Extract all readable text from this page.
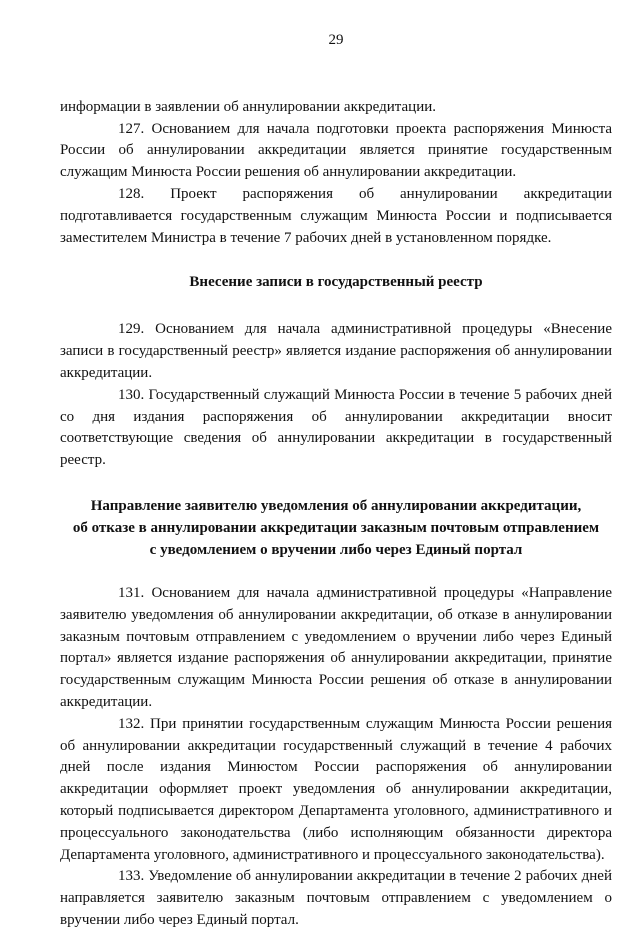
29

информации в заявлении об аннулировании аккредитации.

127. Основанием для начала подготовки проекта распоряжения Минюста России об аннулировании аккредитации является принятие государственным служащим Минюста России решения об аннулировании аккредитации.

128. Проект распоряжения об аннулировании аккредитации подготавливается государственным служащим Минюста России и подписывается заместителем Министра в течение 7 рабочих дней в установленном порядке.

Внесение записи в государственный реестр

129. Основанием для начала административной процедуры «Внесение записи в государственный реестр» является издание распоряжения об аннулировании аккредитации.

130. Государственный служащий Минюста России в течение 5 рабочих дней со дня издания распоряжения об аннулировании аккредитации вносит соответствующие сведения об аннулировании аккредитации в государственный реестр.

Направление заявителю уведомления об аннулировании аккредитации,
об отказе в аннулировании аккредитации заказным почтовым отправлением
с уведомлением о вручении либо через Единый портал

131. Основанием для начала административной процедуры «Направление заявителю уведомления об аннулировании аккредитации, об отказе в аннулировании заказным почтовым отправлением с уведомлением о вручении либо через Единый портал» является издание распоряжения об аннулировании аккредитации, принятие государственным служащим Минюста России решения об отказе в аннулировании аккредитации.

132. При принятии государственным служащим Минюста России решения об аннулировании аккредитации государственный служащий в течение 4 рабочих дней после издания Минюстом России распоряжения об аннулировании аккредитации оформляет проект уведомления об аннулировании аккредитации, который подписывается директором Департамента уголовного, административного и процессуального законодательства (либо исполняющим обязанности директора Департамента уголовного, административного и процессуального законодательства).

133. Уведомление об аннулировании аккредитации в течение 2 рабочих дней направляется заявителю заказным почтовым отправлением с уведомлением о вручении либо через Единый портал.
